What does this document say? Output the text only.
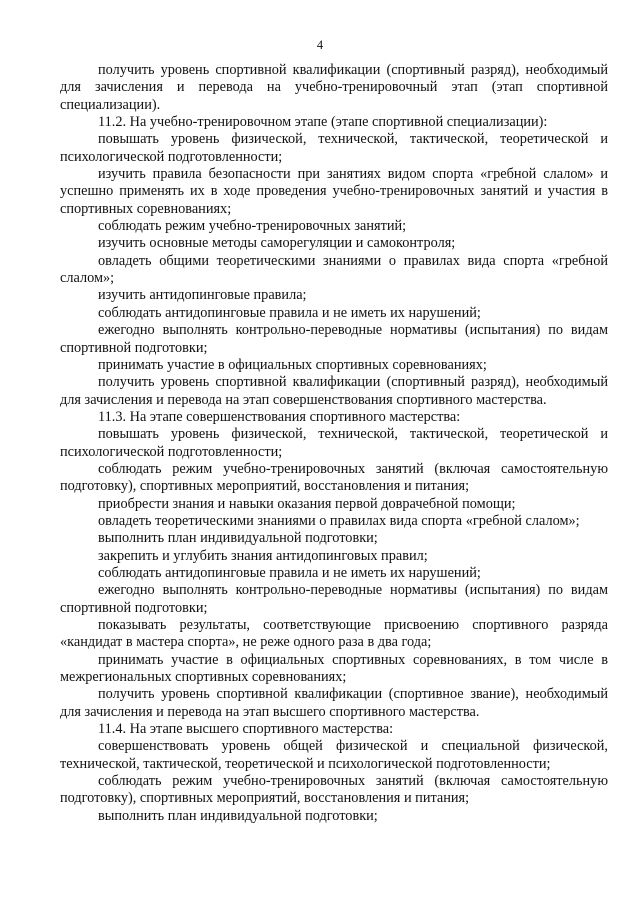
4

получить уровень спортивной квалификации (спортивный разряд), необходимый для зачисления и перевода на учебно-тренировочный этап (этап спортивной специализации).

11.2. На учебно-тренировочном этапе (этапе спортивной специализации):

повышать уровень физической, технической, тактической, теоретической и психологической подготовленности;

изучить правила безопасности при занятиях видом спорта «гребной слалом» и успешно применять их в ходе проведения учебно-тренировочных занятий и участия в спортивных соревнованиях;

соблюдать режим учебно-тренировочных занятий;

изучить основные методы саморегуляции и самоконтроля;

овладеть общими теоретическими знаниями о правилах вида спорта «гребной слалом»;

изучить антидопинговые правила;

соблюдать антидопинговые правила и не иметь их нарушений;

ежегодно выполнять контрольно-переводные нормативы (испытания) по видам спортивной подготовки;

принимать участие в официальных спортивных соревнованиях;

получить уровень спортивной квалификации (спортивный разряд), необходимый для зачисления и перевода на этап совершенствования спортивного мастерства.

11.3. На этапе совершенствования спортивного мастерства:

повышать уровень физической, технической, тактической, теоретической и психологической подготовленности;

соблюдать режим учебно-тренировочных занятий (включая самостоятельную подготовку), спортивных мероприятий, восстановления и питания;

приобрести знания и навыки оказания первой доврачебной помощи;

овладеть теоретическими знаниями о правилах вида спорта «гребной слалом»;

выполнить план индивидуальной подготовки;

закрепить и углубить знания антидопинговых правил;

соблюдать антидопинговые правила и не иметь их нарушений;

ежегодно выполнять контрольно-переводные нормативы (испытания) по видам спортивной подготовки;

показывать результаты, соответствующие присвоению спортивного разряда «кандидат в мастера спорта», не реже одного раза в два года;

принимать участие в официальных спортивных соревнованиях, в том числе в межрегиональных спортивных соревнованиях;

получить уровень спортивной квалификации (спортивное звание), необходимый для зачисления и перевода на этап высшего спортивного мастерства.

11.4. На этапе высшего спортивного мастерства:

совершенствовать уровень общей физической и специальной физической, технической, тактической, теоретической и психологической подготовленности;

соблюдать режим учебно-тренировочных занятий (включая самостоятельную подготовку), спортивных мероприятий, восстановления и питания;

выполнить план индивидуальной подготовки;
